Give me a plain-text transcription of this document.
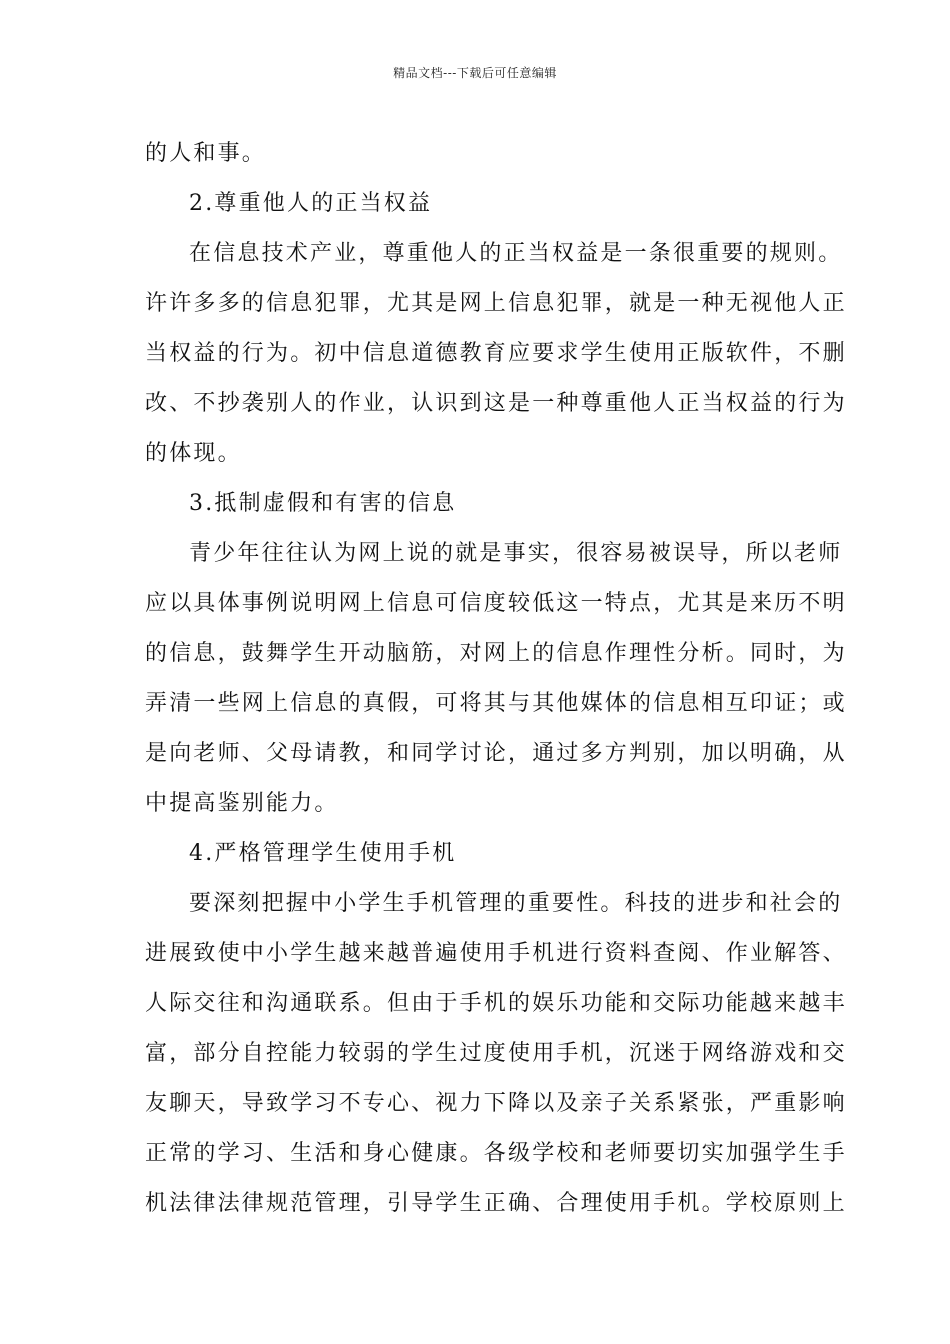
精品文档---下载后可任意编辑
的人和事。
2.尊重他人的正当权益
在信息技术产业，尊重他人的正当权益是一条很重要的规则。
许许多多的信息犯罪，尤其是网上信息犯罪，就是一种无视他人正
当权益的行为。初中信息道德教育应要求学生使用正版软件，不删
改、不抄袭别人的作业，认识到这是一种尊重他人正当权益的行为
的体现。
3.抵制虚假和有害的信息
青少年往往认为网上说的就是事实，很容易被误导，所以老师
应以具体事例说明网上信息可信度较低这一特点，尤其是来历不明
的信息，鼓舞学生开动脑筋，对网上的信息作理性分析。同时，为
弄清一些网上信息的真假，可将其与其他媒体的信息相互印证；或
是向老师、父母请教，和同学讨论，通过多方判别，加以明确，从
中提高鉴别能力。
4.严格管理学生使用手机
要深刻把握中小学生手机管理的重要性。科技的进步和社会的
进展致使中小学生越来越普遍使用手机进行资料查阅、作业解答、
人际交往和沟通联系。但由于手机的娱乐功能和交际功能越来越丰
富，部分自控能力较弱的学生过度使用手机，沉迷于网络游戏和交
友聊天，导致学习不专心、视力下降以及亲子关系紧张，严重影响
正常的学习、生活和身心健康。各级学校和老师要切实加强学生手
机法律法律规范管理，引导学生正确、合理使用手机。学校原则上
